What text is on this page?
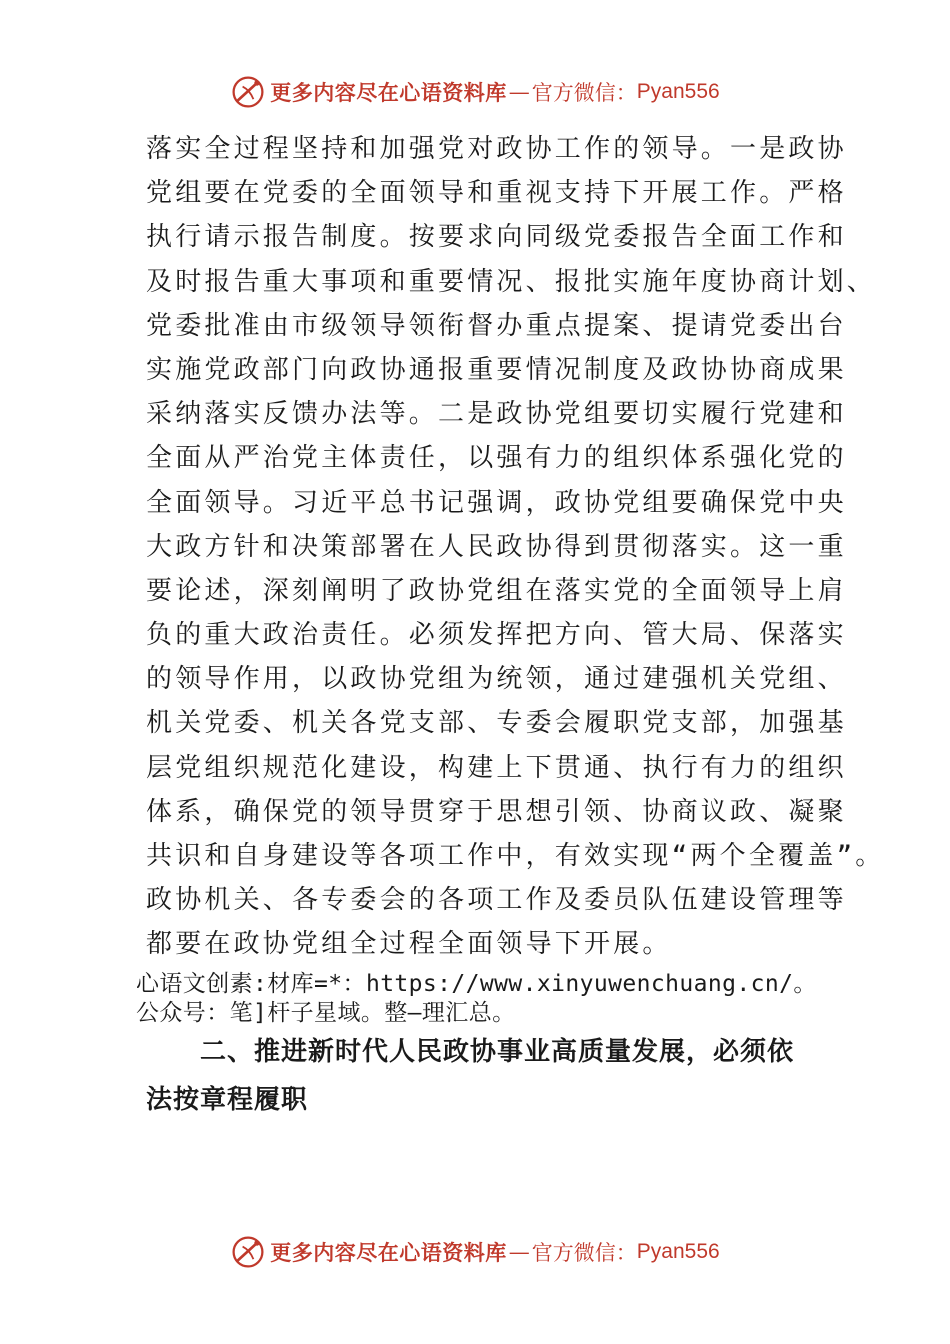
更多内容尽在心语资料库 — 官方微信： Pyan556
落实全过程坚持和加强党对政协工作的领导。一是政协
党组要在党委的全面领导和重视支持下开展工作。严格
执行请示报告制度。按要求向同级党委报告全面工作和
及时报告重大事项和重要情况、报批实施年度协商计划、
党委批准由市级领导领衔督办重点提案、提请党委出台
实施党政部门向政协通报重要情况制度及政协协商成果
采纳落实反馈办法等。二是政协党组要切实履行党建和
全面从严治党主体责任，以强有力的组织体系强化党的
全面领导。习近平总书记强调，政协党组要确保党中央
大政方针和决策部署在人民政协得到贯彻落实。这一重
要论述，深刻阐明了政协党组在落实党的全面领导上肩
负的重大政治责任。必须发挥把方向、管大局、保落实
的领导作用，以政协党组为统领，通过建强机关党组、
机关党委、机关各党支部、专委会履职党支部，加强基
层党组织规范化建设，构建上下贯通、执行有力的组织
体系，确保党的领导贯穿于思想引领、协商议政、凝聚
共识和自身建设等各项工作中，有效实现“两个全覆盖”。
政协机关、各专委会的各项工作及委员队伍建设管理等
都要在政协党组全过程全面领导下开展。
心语文创素:材库=*：https://www.xinyuwenchuang.cn/。
公众号：笔]杆子星域。整—理汇总。
二、推进新时代人民政协事业高质量发展，必须依
法按章程履职
更多内容尽在心语资料库 — 官方微信： Pyan556
